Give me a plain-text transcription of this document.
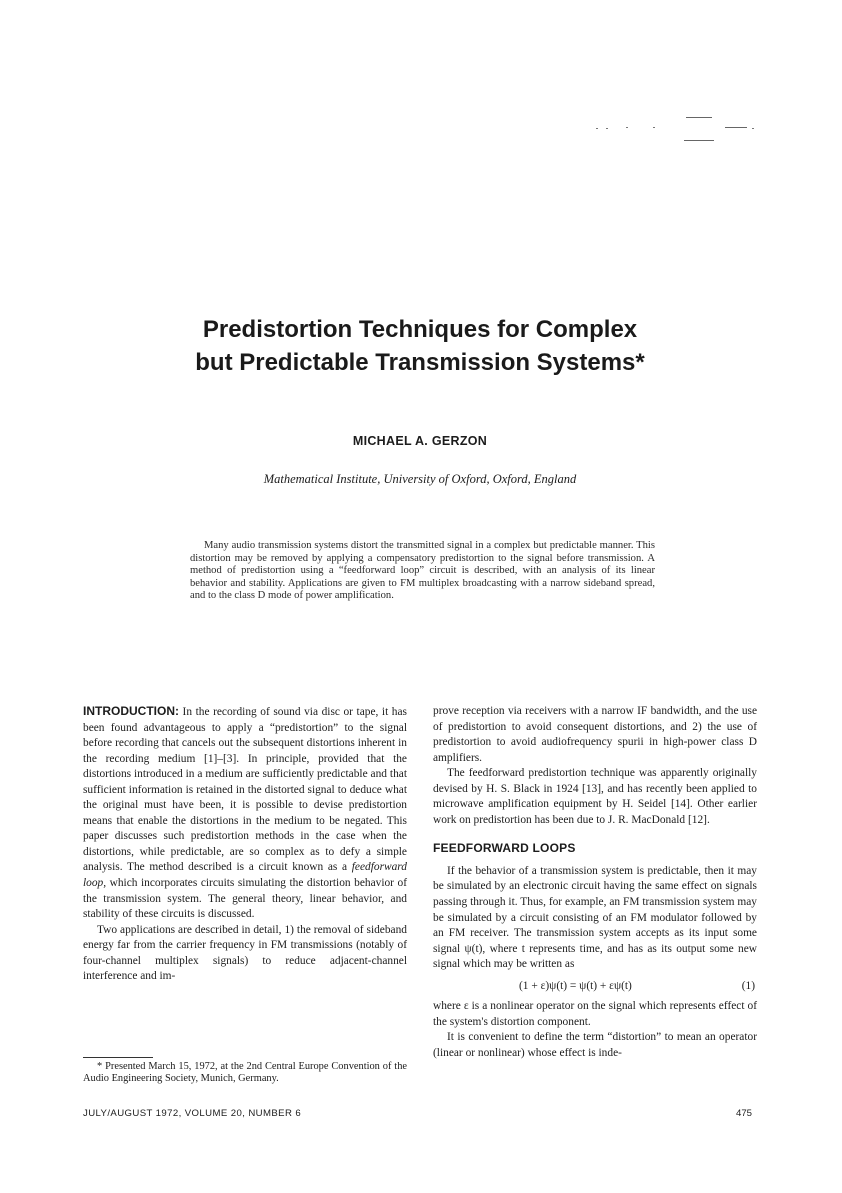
Predistortion Techniques for Complex
but Predictable Transmission Systems*
MICHAEL A. GERZON
Mathematical Institute, University of Oxford, Oxford, England
Many audio transmission systems distort the transmitted signal in a complex but predictable manner. This distortion may be removed by applying a compensatory predistortion to the signal before transmission. A method of predistortion using a “feedforward loop” circuit is described, with an analysis of its linear behavior and stability. Applications are given to FM multiplex broadcasting with a narrow sideband spread, and to the class D mode of power amplification.

INTRODUCTION: In the recording of sound via disc or tape, it has been found advantageous to apply a “predistortion” to the signal before recording that cancels out the subsequent distortions inherent in the recording medium [1]–[3]. In principle, provided that the distortions introduced in a medium are sufficiently predictable and that sufficient information is retained in the distorted signal to deduce what the original must have been, it is possible to devise predistortion means that enable the distortions in the medium to be negated. This paper discusses such predistortion methods in the case when the distortions, while predictable, are so complex as to defy a simple analysis. The method described is a circuit known as a feedforward loop, which incorporates circuits simulating the distortion behavior of the transmission system. The general theory, linear behavior, and stability of these circuits is discussed.

Two applications are described in detail, 1) the removal of sideband energy far from the carrier frequency in FM transmissions (notably of four-channel multiplex signals) to reduce adjacent-channel interference and im-

prove reception via receivers with a narrow IF bandwidth, and the use of predistortion to avoid consequent distortions, and 2) the use of predistortion to avoid audiofrequency spurii in high-power class D amplifiers.

The feedforward predistortion technique was apparently originally devised by H. S. Black in 1924 [13], and has recently been applied to microwave amplification equipment by H. Seidel [14]. Other earlier work on predistortion has been due to J. R. MacDonald [12].

FEEDFORWARD LOOPS

If the behavior of a transmission system is predictable, then it may be simulated by an electronic circuit having the same effect on signals passing through it. Thus, for example, an FM transmission system may be simulated by a circuit consisting of an FM modulator followed by an FM receiver. The transmission system accepts as its input some signal ψ(t), where t represents time, and has as its output some new signal which may be written as

(1 + ε)ψ(t) = ψ(t) + εψ(t)	(1)

where ε is a nonlinear operator on the signal which represents effect of the system's distortion component.

It is convenient to define the term “distortion” to mean an operator (linear or nonlinear) whose effect is inde-

* Presented March 15, 1972, at the 2nd Central Europe Convention of the Audio Engineering Society, Munich, Germany.
JULY/AUGUST 1972, VOLUME 20, NUMBER 6	475
